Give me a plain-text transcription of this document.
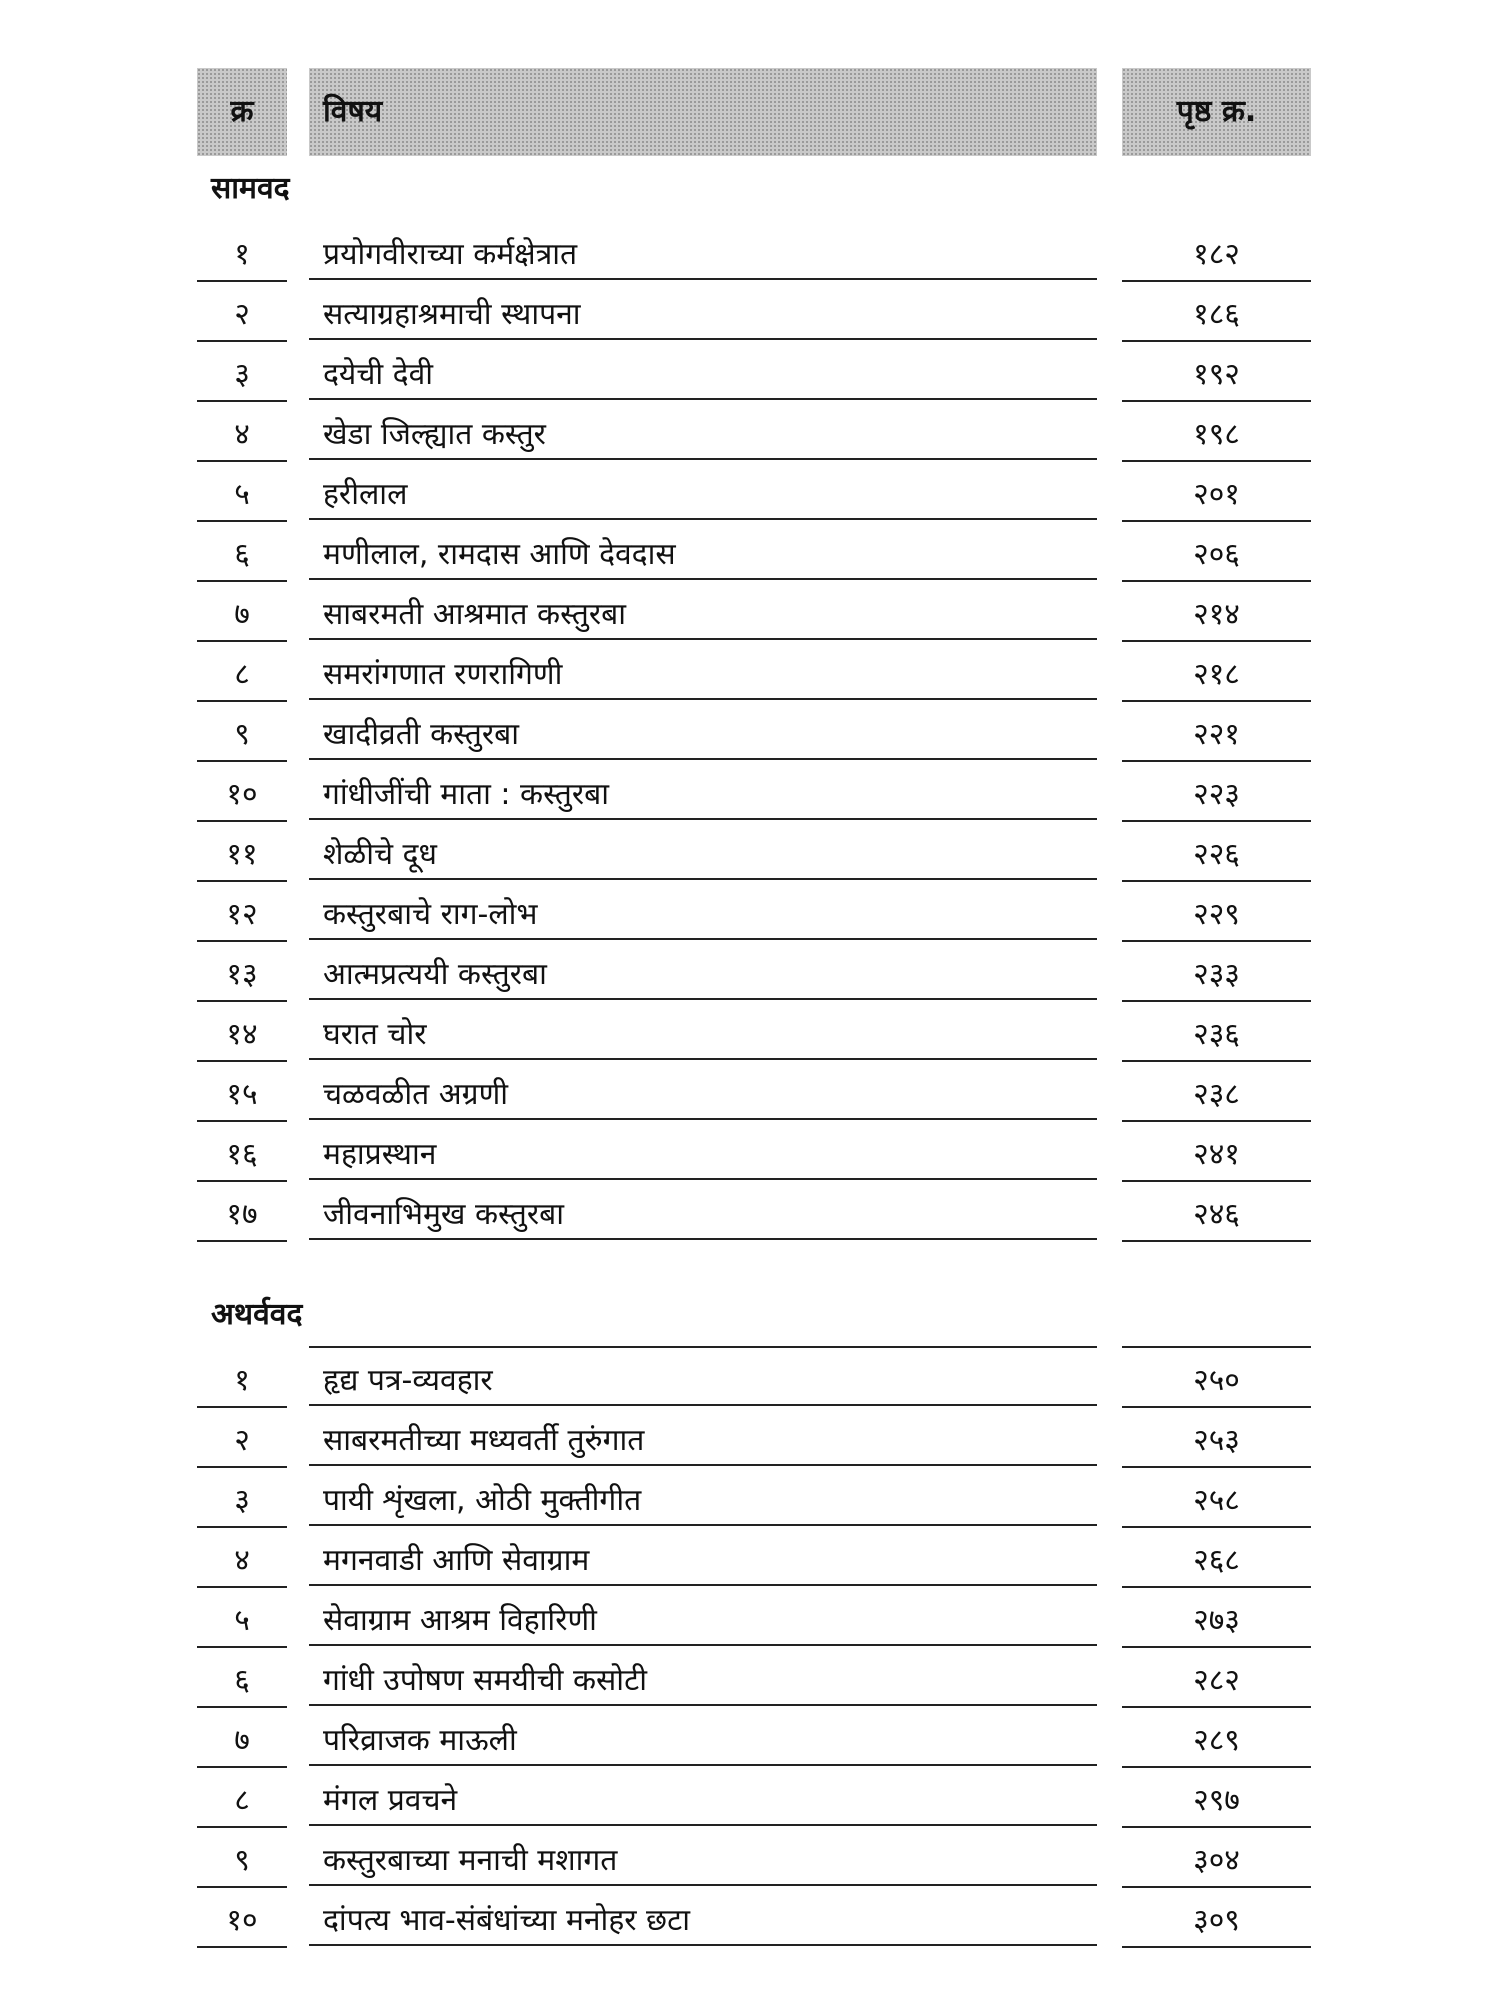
क्र	विषय	पृष्ठ क्र.
सामवद
१	प्रयोगवीराच्या कर्मक्षेत्रात	१८२
२	सत्याग्रहाश्रमाची स्थापना	१८६
३	दयेची देवी	१९२
४	खेडा जिल्ह्यात कस्तुर	१९८
५	हरीलाल	२०१
६	मणीलाल, रामदास आणि देवदास	२०६
७	साबरमती आश्रमात कस्तुरबा	२१४
८	समरांगणात रणरागिणी	२१८
९	खादीव्रती कस्तुरबा	२२१
१०	गांधीजींची माता : कस्तुरबा	२२३
११	शेळीचे दूध	२२६
१२	कस्तुरबाचे राग-लोभ	२२९
१३	आत्मप्रत्ययी कस्तुरबा	२३३
१४	घरात चोर	२३६
१५	चळवळीत अग्रणी	२३८
१६	महाप्रस्थान	२४१
१७	जीवनाभिमुख कस्तुरबा	२४६
अथर्ववद
१	हृद्य पत्र-व्यवहार	२५०
२	साबरमतीच्या मध्यवर्ती तुरुंगात	२५३
३	पायी शृंखला, ओठी मुक्तीगीत	२५८
४	मगनवाडी आणि सेवाग्राम	२६८
५	सेवाग्राम आश्रम विहारिणी	२७३
६	गांधी उपोषण समयीची कसोटी	२८२
७	परिव्राजक माऊली	२८९
८	मंगल प्रवचने	२९७
९	कस्तुरबाच्या मनाची मशागत	३०४
१०	दांपत्य भाव-संबंधांच्या मनोहर छटा	३०९
